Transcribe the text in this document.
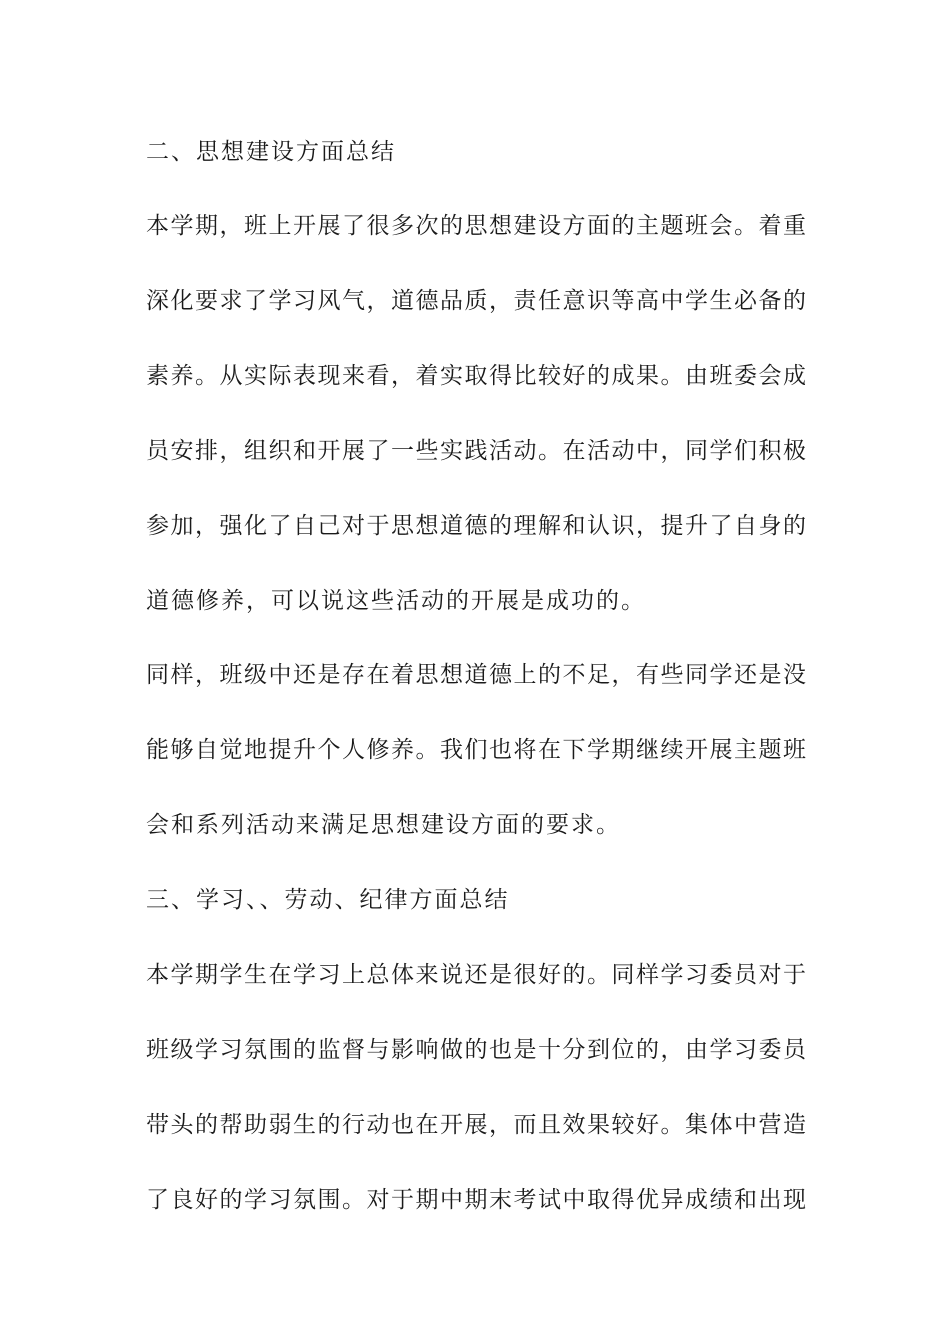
二、思想建设方面总结
本学期，班上开展了很多次的思想建设方面的主题班会。着重
深化要求了学习风气，道德品质，责任意识等高中学生必备的
素养。从实际表现来看，着实取得比较好的成果。由班委会成
员安排，组织和开展了一些实践活动。在活动中，同学们积极
参加，强化了自己对于思想道德的理解和认识，提升了自身的
道德修养，可以说这些活动的开展是成功的。
同样，班级中还是存在着思想道德上的不足，有些同学还是没
能够自觉地提升个人修养。我们也将在下学期继续开展主题班
会和系列活动来满足思想建设方面的要求。
三、学习、、劳动、纪律方面总结
本学期学生在学习上总体来说还是很好的。同样学习委员对于
班级学习氛围的监督与影响做的也是十分到位的，由学习委员
带头的帮助弱生的行动也在开展，而且效果较好。集体中营造
了良好的学习氛围。对于期中期末考试中取得优异成绩和出现
